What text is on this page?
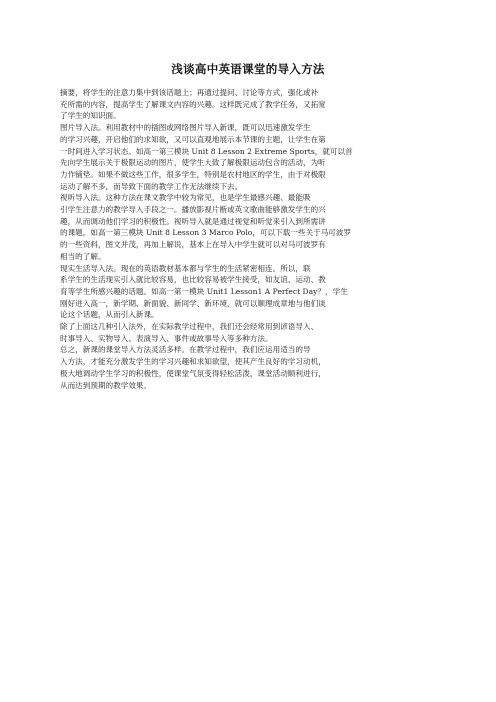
浅谈高中英语课堂的导入方法

摘要，将学生的注意力集中到该话题上；再通过提问、讨论等方式，强化或补
充所需的内容，提高学生了解课文内容的兴趣。这样既完成了教学任务，又拓宽
了学生的知识面。

图片导入法。利用教材中的插图或网络图片导入新课，既可以迅速激发学生
的学习兴趣，开启他们的求知欲，又可以直观地展示本节课的主题，让学生在第
一时间进入学习状态。如高一第三模块 Unit 8 Lesson 2 Extreme Sports，就可以首
先向学生展示关于极限运动的图片，使学生大致了解极限运动包含的活动，为听
力作铺垫。如果不做这些工作，很多学生，特别是农村地区的学生，由于对极限
运动了解不多，而导致下面的教学工作无法继续下去。

视听导入法。这种方法在课文教学中较为常见，也是学生最感兴趣、最能吸
引学生注意力的教学导入手段之一。播放影视片断或英文歌曲能够激发学生的兴
趣，从而调动他们学习的积极性。视听导入就是通过视觉和听觉来引入到所需讲
的课题。如高一第三模块 Unit 8 Lesson 3 Marco Polo，可以下载一些关于马可波罗
的一些资料，图文并茂，再加上解说，基本上在导入中学生就可以对马可波罗有
相当的了解。

现实生活导入法。现在的英语教材基本都与学生的生活紧密相连。所以，联
系学生的生活现实引入就比较容易，也比较容易被学生接受，如友谊、运动、教
育等学生所感兴趣的话题。如高一第一模块 Unit1 Lesson1 A Perfect Day？，学生
刚好进入高一，新学期、新面貌、新同学、新环境，就可以顺理成章地与他们谈
论这个话题，从而引入新课。

除了上面这几种引入法外，在实际教学过程中，我们还会经常用到谚语导入、
时事导入、实物导入、表演导入、事件或故事导入等多种方法。

总之，新课的课堂导入方法灵活多样。在教学过程中，我们应运用适当的导
入方法，才能充分激发学生的学习兴趣和求知欲望，使其产生良好的学习动机，
极大地调动学生学习的积极性，使课堂气氛变得轻松活泼，课堂活动顺利进行，
从而达到预期的教学效果。
